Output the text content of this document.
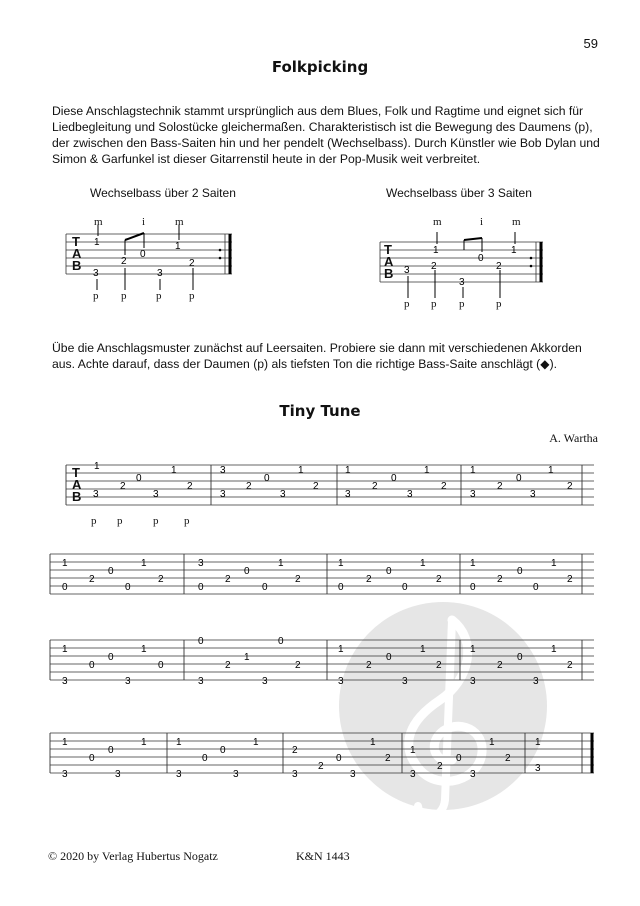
59
Folkpicking
Diese Anschlagstechnik stammt ursprünglich aus dem Blues, Folk und Ragtime und eignet sich für Liedbegleitung und Solostücke gleichermaßen. Charakteristisch ist die Bewegung des Daumens (p), der zwischen den Bass-Saiten hin und her pendelt (Wechselbass). Durch Künstler wie Bob Dylan und Simon & Garfunkel ist dieser Gitarrenstil heute in der Pop-Musik weit verbreitet.
Wechselbass über 2 Saiten	Wechselbass über 3 Saiten
Übe die Anschlagsmuster zunächst auf Leersaiten. Probiere sie dann mit verschiedenen Akkorden aus. Achte darauf, dass der Daumen (p) als tiefsten Ton die richtige Bass-Saite anschlägt (◆).
Tiny Tune
A. Wartha
1
2
0
1
2
3	3
1
2
0
1
2
3
3
1
2
0
1
2
3	3
3
2
0
1
2
3	3
1
2
0
1
2
3	3
1
2
0
1
2
3	3
1
2
0
1
2
0	0
3
2
0
1
2
0	0
1
2
0
1
2
0	0
1
2
0
1
2
0	0
1
0
0
1
0
3	3
0
2
1
0
2
3	3
1
2
0
1
2
3	3
1
2
0
1
2
3	3
1
0
0
1
3	3
1
0
0
1
3	3
2
2
0
1
2
3	3
1
2
0
1
2
3	3
1
3
m	i	m
p p	p	p
m	i	m
p p p	p
T
A
B
T
A
B
T
A
B
p p	p p
© 2020 by Verlag Hubertus Nogatz	K&N 1443
